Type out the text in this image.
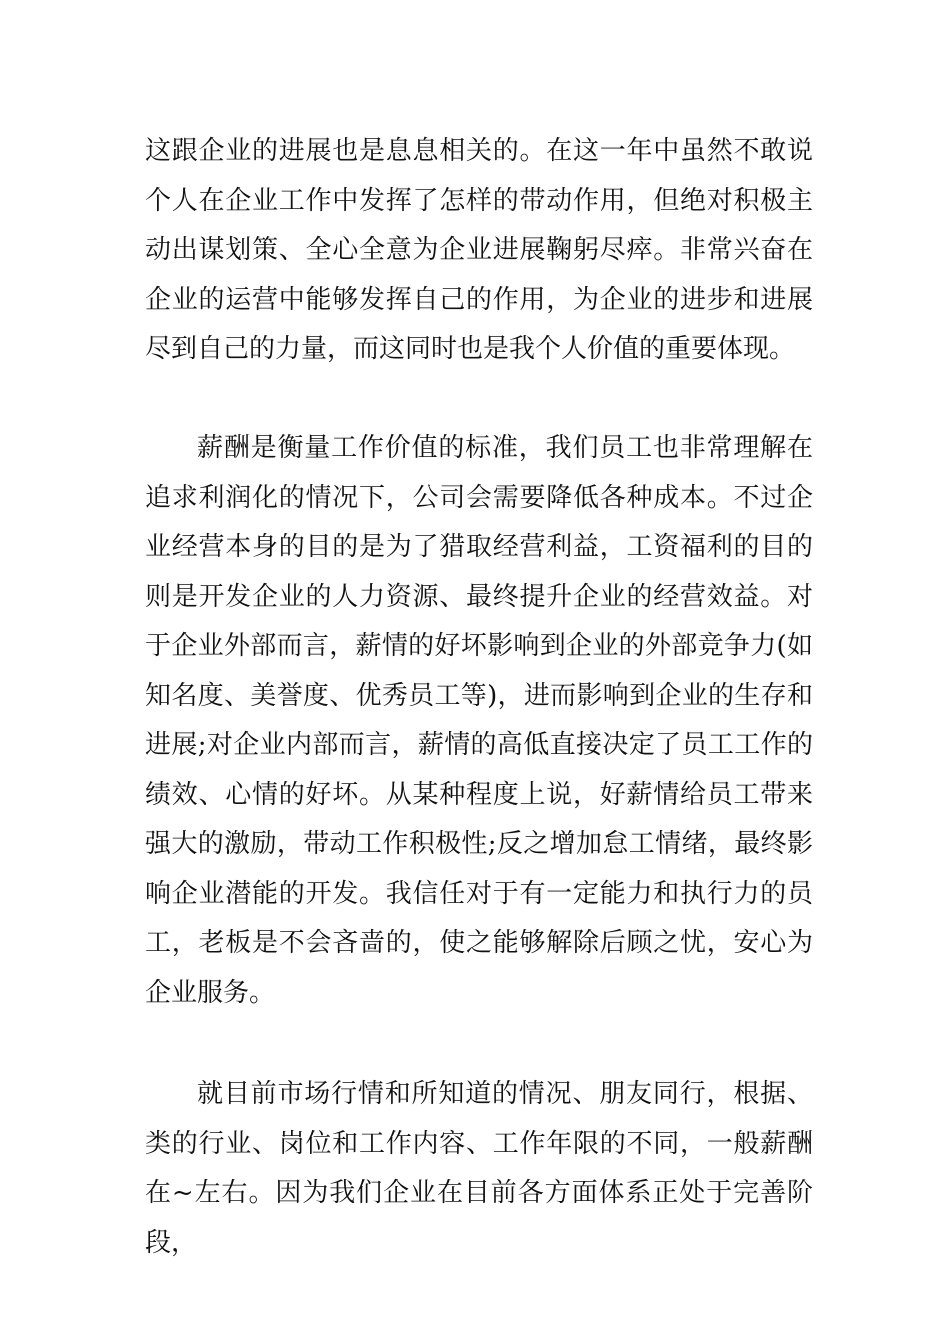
这跟企业的进展也是息息相关的。在这一年中虽然不敢说个人在企业工作中发挥了怎样的带动作用，但绝对积极主动出谋划策、全心全意为企业进展鞠躬尽瘁。非常兴奋在企业的运营中能够发挥自己的作用，为企业的进步和进展尽到自己的力量，而这同时也是我个人价值的重要体现。

薪酬是衡量工作价值的标准，我们员工也非常理解在追求利润化的情况下，公司会需要降低各种成本。不过企业经营本身的目的是为了猎取经营利益，工资福利的目的则是开发企业的人力资源、最终提升企业的经营效益。对于企业外部而言，薪情的好坏影响到企业的外部竞争力(如知名度、美誉度、优秀员工等)，进而影响到企业的生存和进展;对企业内部而言，薪情的高低直接决定了员工工作的绩效、心情的好坏。从某种程度上说，好薪情给员工带来强大的激励，带动工作积极性;反之增加怠工情绪，最终影响企业潜能的开发。我信任对于有一定能力和执行力的员工，老板是不会吝啬的，使之能够解除后顾之忧，安心为企业服务。

就目前市场行情和所知道的情况、朋友同行，根据、类的行业、岗位和工作内容、工作年限的不同，一般薪酬在~左右。因为我们企业在目前各方面体系正处于完善阶段，
